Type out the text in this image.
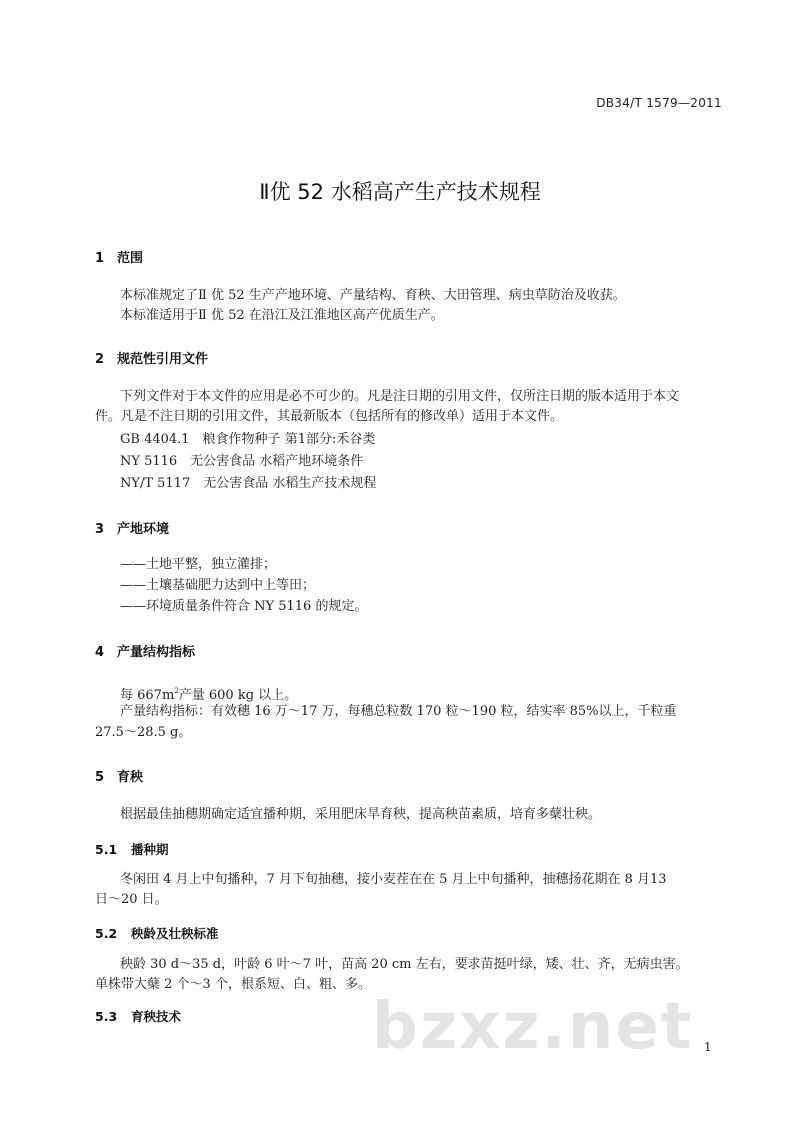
DB34/T 1579—2011
Ⅱ优 52 水稻高产生产技术规程
1 范围
本标准规定了Ⅱ 优 52 生产产地环境、产量结构、育秧、大田管理、病虫草防治及收获。
本标准适用于Ⅱ 优 52 在沿江及江淮地区高产优质生产。
2 规范性引用文件
下列文件对于本文件的应用是必不可少的。凡是注日期的引用文件，仅所注日期的版本适用于本文
件。凡是不注日期的引用文件，其最新版本（包括所有的修改单）适用于本文件。
GB 4404.1　粮食作物种子 第1部分:禾谷类
NY 5116　无公害食品 水稻产地环境条件
NY/T 5117　无公害食品 水稻生产技术规程
3 产地环境
——土地平整，独立灌排；
——土壤基础肥力达到中上等田；
——环境质量条件符合 NY 5116 的规定。
4 产量结构指标
每 $667m^2$产量 600 kg 以上。
产量结构指标：有效穗 16 万～17 万，每穗总粒数 170 粒～190 粒，结实率 85%以上，千粒重
27.5～28.5 g。
5 育秧
根据最佳抽穗期确定适宜播种期，采用肥床旱育秧，提高秧苗素质，培育多蘖壮秧。
5.1 播种期
冬闲田 4 月上中旬播种，7 月下旬抽穗，接小麦茬在在 5 月上中旬播种，抽穗扬花期在 8 月13
日～20 日。
5.2 秧龄及壮秧标准
秧龄 30 d～35 d，叶龄 6 叶～7 叶，苗高 20 cm 左右，要求苗挺叶绿，矮、壮、齐，无病虫害。
单株带大蘖 2 个～3 个，根系短、白、粗、多。
5.3 育秧技术	bzxz.net 1
